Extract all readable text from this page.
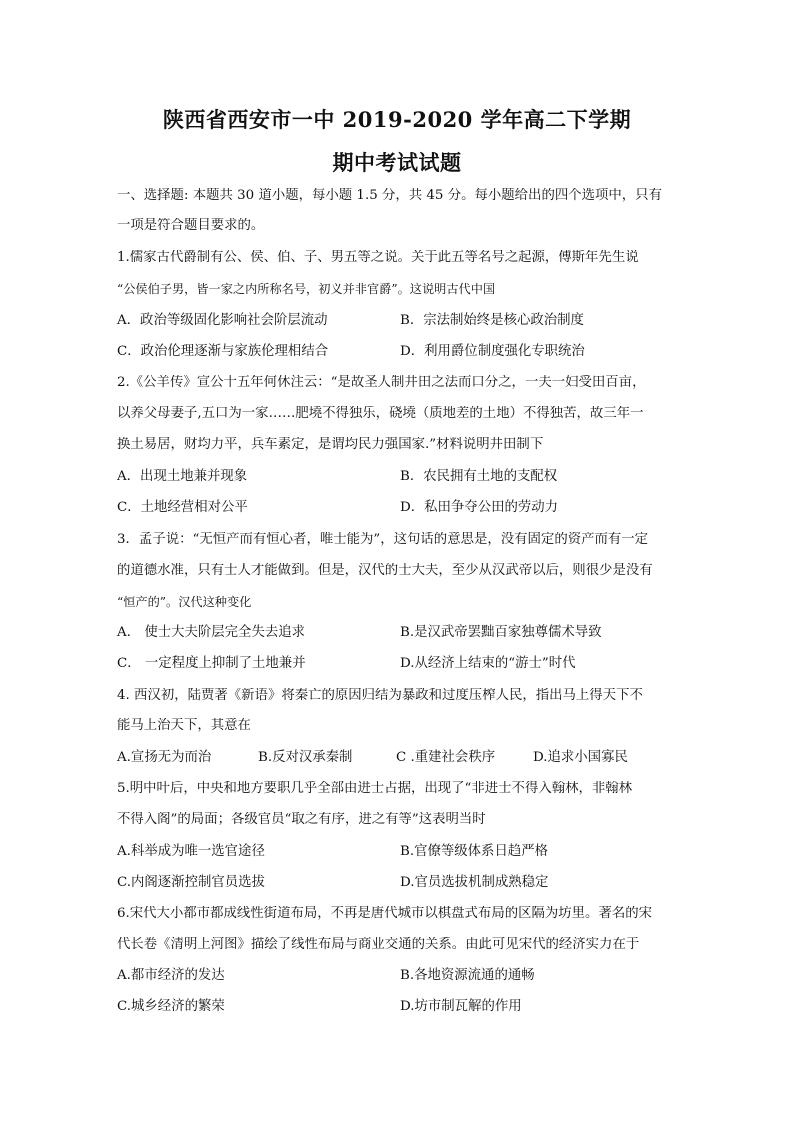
陕西省西安市一中 2019-2020 学年高二下学期
期中考试试题
一、选择题: 本题共 30 道小题，每小题 1.5 分，共 45 分。每小题给出的四个选项中，只有
一项是符合题目要求的。
1.儒家古代爵制有公、侯、伯、子、男五等之说。关于此五等名号之起源，傅斯年先生说
“公侯伯子男，皆一家之内所称名号，初义并非官爵”。这说明古代中国
A．政治等级固化影响社会阶层流动	B．宗法制始终是核心政治制度
C．政治伦理逐渐与家族伦理相结合	D．利用爵位制度强化专职统治
2.《公羊传》宣公十五年何休注云：“是故圣人制井田之法而口分之，一夫一妇受田百亩，
以养父母妻子,五口为一家……肥墝不得独乐，硗墝（质地差的土地）不得独苦，故三年一
换土易居，财均力平，兵车素定，是谓均民力强国家.”材料说明井田制下
A．出现土地兼并现象	B．农民拥有土地的支配权
C．土地经营相对公平	D．私田争夺公田的劳动力
3．孟子说：“无恒产而有恒心者，唯士能为”，这句话的意思是，没有固定的资产而有一定
的道德水准，只有士人才能做到。但是，汉代的士大夫，至少从汉武帝以后，则很少是没有
“恒产的”。汉代这种变化
A.　使士大夫阶层完全失去追求	B.是汉武帝罢黜百家独尊儒术导致
C． 一定程度上抑制了土地兼并	D.从经济上结束的“游士”时代
4. 西汉初，陆贾著《新语》将秦亡的原因归结为暴政和过度压榨人民，指出马上得天下不
能马上治天下，其意在
A.宣扬无为而治	B.反对汉承秦制	C .重建社会秩序	D.追求小国寡民
5.明中叶后，中央和地方要职几乎全部由进士占据，出现了“非进士不得入翰林，非翰林
不得入阁”的局面；各级官员“取之有序，进之有等”这表明当时
A.科举成为唯一选官途径	B.官僚等级体系日趋严格
C.内阁逐渐控制官员选拔	D.官员选拔机制成熟稳定
6.宋代大小都市都成线性街道布局，不再是唐代城市以棋盘式布局的区隔为坊里。著名的宋
代长卷《清明上河图》描绘了线性布局与商业交通的关系。由此可见宋代的经济实力在于
A.都市经济的发达	B.各地资源流通的通畅
C.城乡经济的繁荣	D.坊市制瓦解的作用
